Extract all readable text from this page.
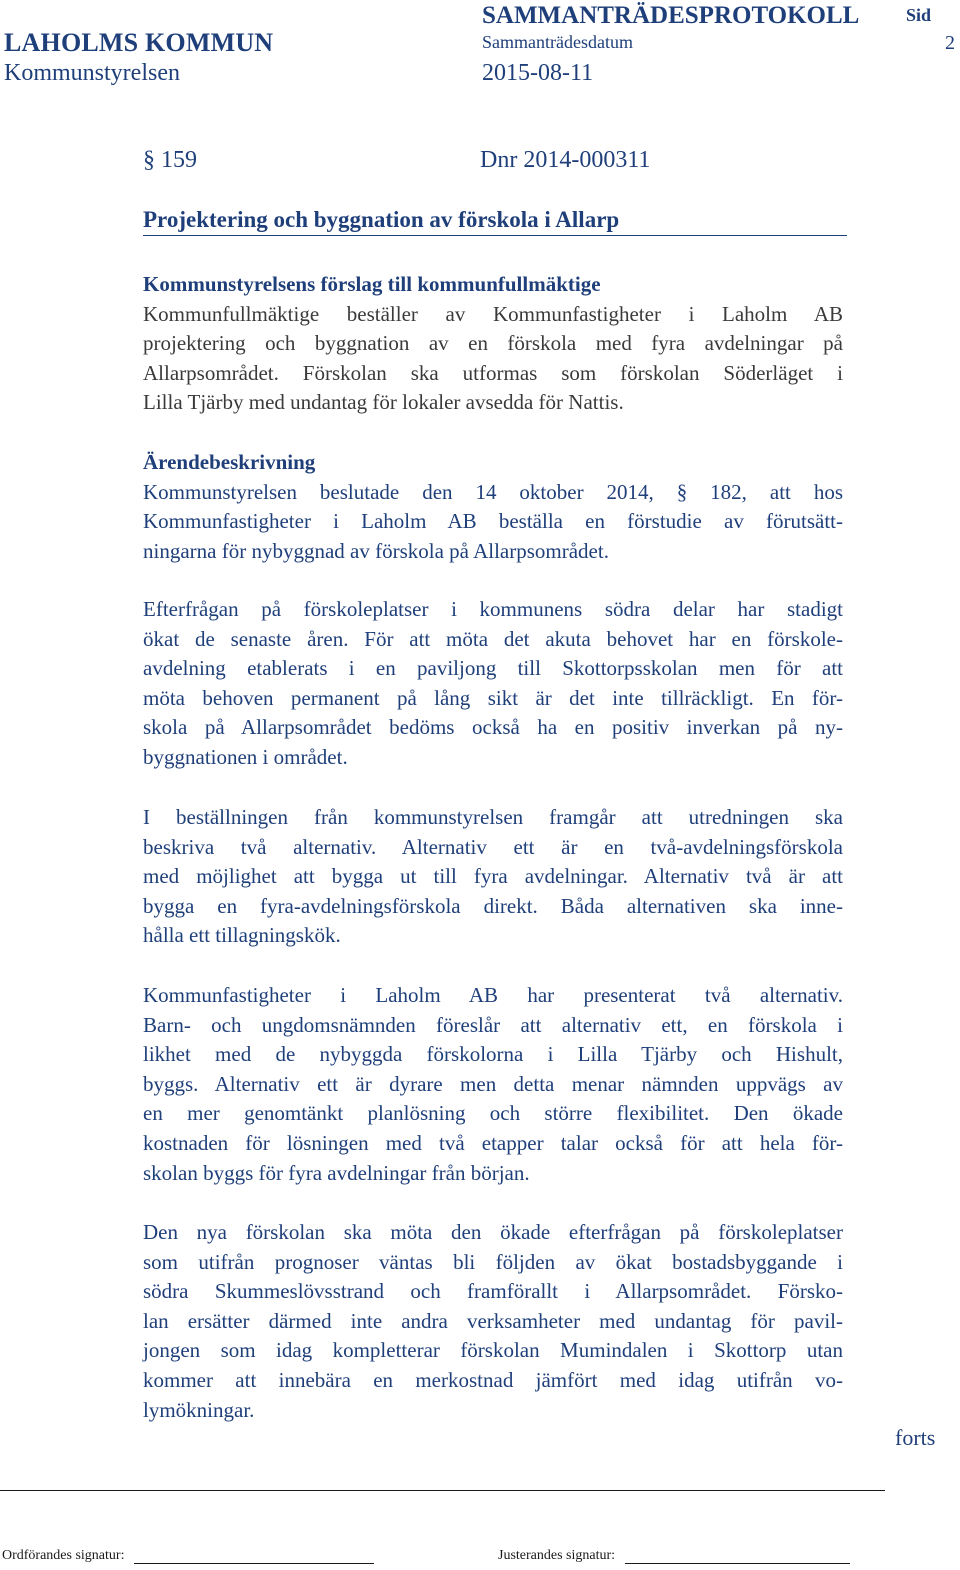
LAHOLMS KOMMUN
Kommunstyrelsen
SAMMANTRÄDESPROTOKOLL
Sammanträdesdatum
2015-08-11
Sid
2
§ 159	Dnr 2014-000311
Projektering och byggnation av förskola i Allarp
Kommunstyrelsens förslag till kommunfullmäktige
Kommunfullmäktige beställer av Kommunfastigheter i Laholm AB
projektering och byggnation av en förskola med fyra avdelningar på
Allarpsområdet. Förskolan ska utformas som förskolan Söderläget i
Lilla Tjärby med undantag för lokaler avsedda för Nattis.
Ärendebeskrivning
Kommunstyrelsen beslutade den 14 oktober 2014, § 182, att hos
Kommunfastigheter i Laholm AB beställa en förstudie av förutsätt-
ningarna för nybyggnad av förskola på Allarpsområdet.
Efterfrågan på förskoleplatser i kommunens södra delar har stadigt
ökat de senaste åren. För att möta det akuta behovet har en förskole-
avdelning etablerats i en paviljong till Skottorpsskolan men för att
möta behoven permanent på lång sikt är det inte tillräckligt. En för-
skola på Allarpsområdet bedöms också ha en positiv inverkan på ny-
byggnationen i området.
I beställningen från kommunstyrelsen framgår att utredningen ska
beskriva två alternativ. Alternativ ett är en två-avdelningsförskola
med möjlighet att bygga ut till fyra avdelningar. Alternativ två är att
bygga en fyra-avdelningsförskola direkt. Båda alternativen ska inne-
hålla ett tillagningskök.
Kommunfastigheter i Laholm AB har presenterat två alternativ.
Barn- och ungdomsnämnden föreslår att alternativ ett, en förskola i
likhet med de nybyggda förskolorna i Lilla Tjärby och Hishult,
byggs. Alternativ ett är dyrare men detta menar nämnden uppvägs av
en mer genomtänkt planlösning och större flexibilitet. Den ökade
kostnaden för lösningen med två etapper talar också för att hela för-
skolan byggs för fyra avdelningar från början.
Den nya förskolan ska möta den ökade efterfrågan på förskoleplatser
som utifrån prognoser väntas bli följden av ökat bostadsbyggande i
södra Skummeslövsstrand och framförallt i Allarpsområdet. Försko-
lan ersätter därmed inte andra verksamheter med undantag för pavil-
jongen som idag kompletterar förskolan Mumindalen i Skottorp utan
kommer att innebära en merkostnad jämfört med idag utifrån vo-
lymökningar.
forts
Ordförandes signatur:	Justerandes signatur:
